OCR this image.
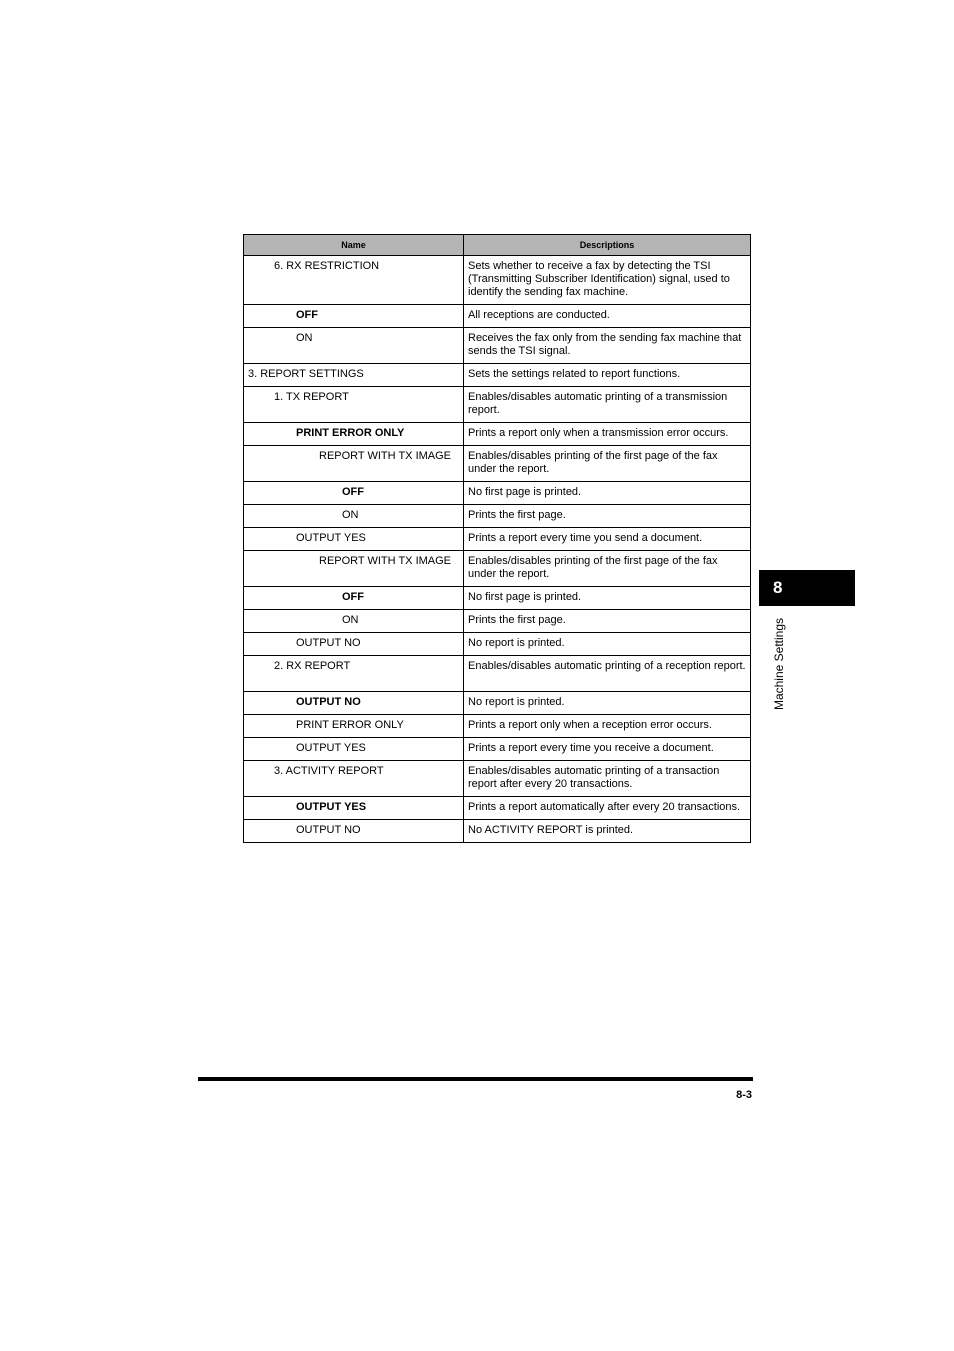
Name	Descriptions
6. RX RESTRICTION	Sets whether to receive a fax by detecting the TSI (Transmitting Subscriber Identification) signal, used to identify the sending fax machine.
OFF	All receptions are conducted.
ON	Receives the fax only from the sending fax machine that sends the TSI signal.
3. REPORT SETTINGS	Sets the settings related to report functions.
1. TX REPORT	Enables/disables automatic printing of a transmission report.
PRINT ERROR ONLY	Prints a report only when a transmission error occurs.
REPORT WITH TX IMAGE	Enables/disables printing of the first page of the fax under the report.
OFF	No first page is printed.
ON	Prints the first page.
OUTPUT YES	Prints a report every time you send a document.
REPORT WITH TX IMAGE	Enables/disables printing of the first page of the fax under the report.
OFF	No first page is printed.
ON	Prints the first page.
OUTPUT NO	No report is printed.
2. RX REPORT	Enables/disables automatic printing of a reception report.
OUTPUT NO	No report is printed.
PRINT ERROR ONLY	Prints a report only when a reception error occurs.
OUTPUT YES	Prints a report every time you receive a document.
3. ACTIVITY REPORT	Enables/disables automatic printing of a transaction report after every 20 transactions.
OUTPUT YES	Prints a report automatically after every 20 transactions.
OUTPUT NO	No ACTIVITY REPORT is printed.
8
Machine Settings
8-3
